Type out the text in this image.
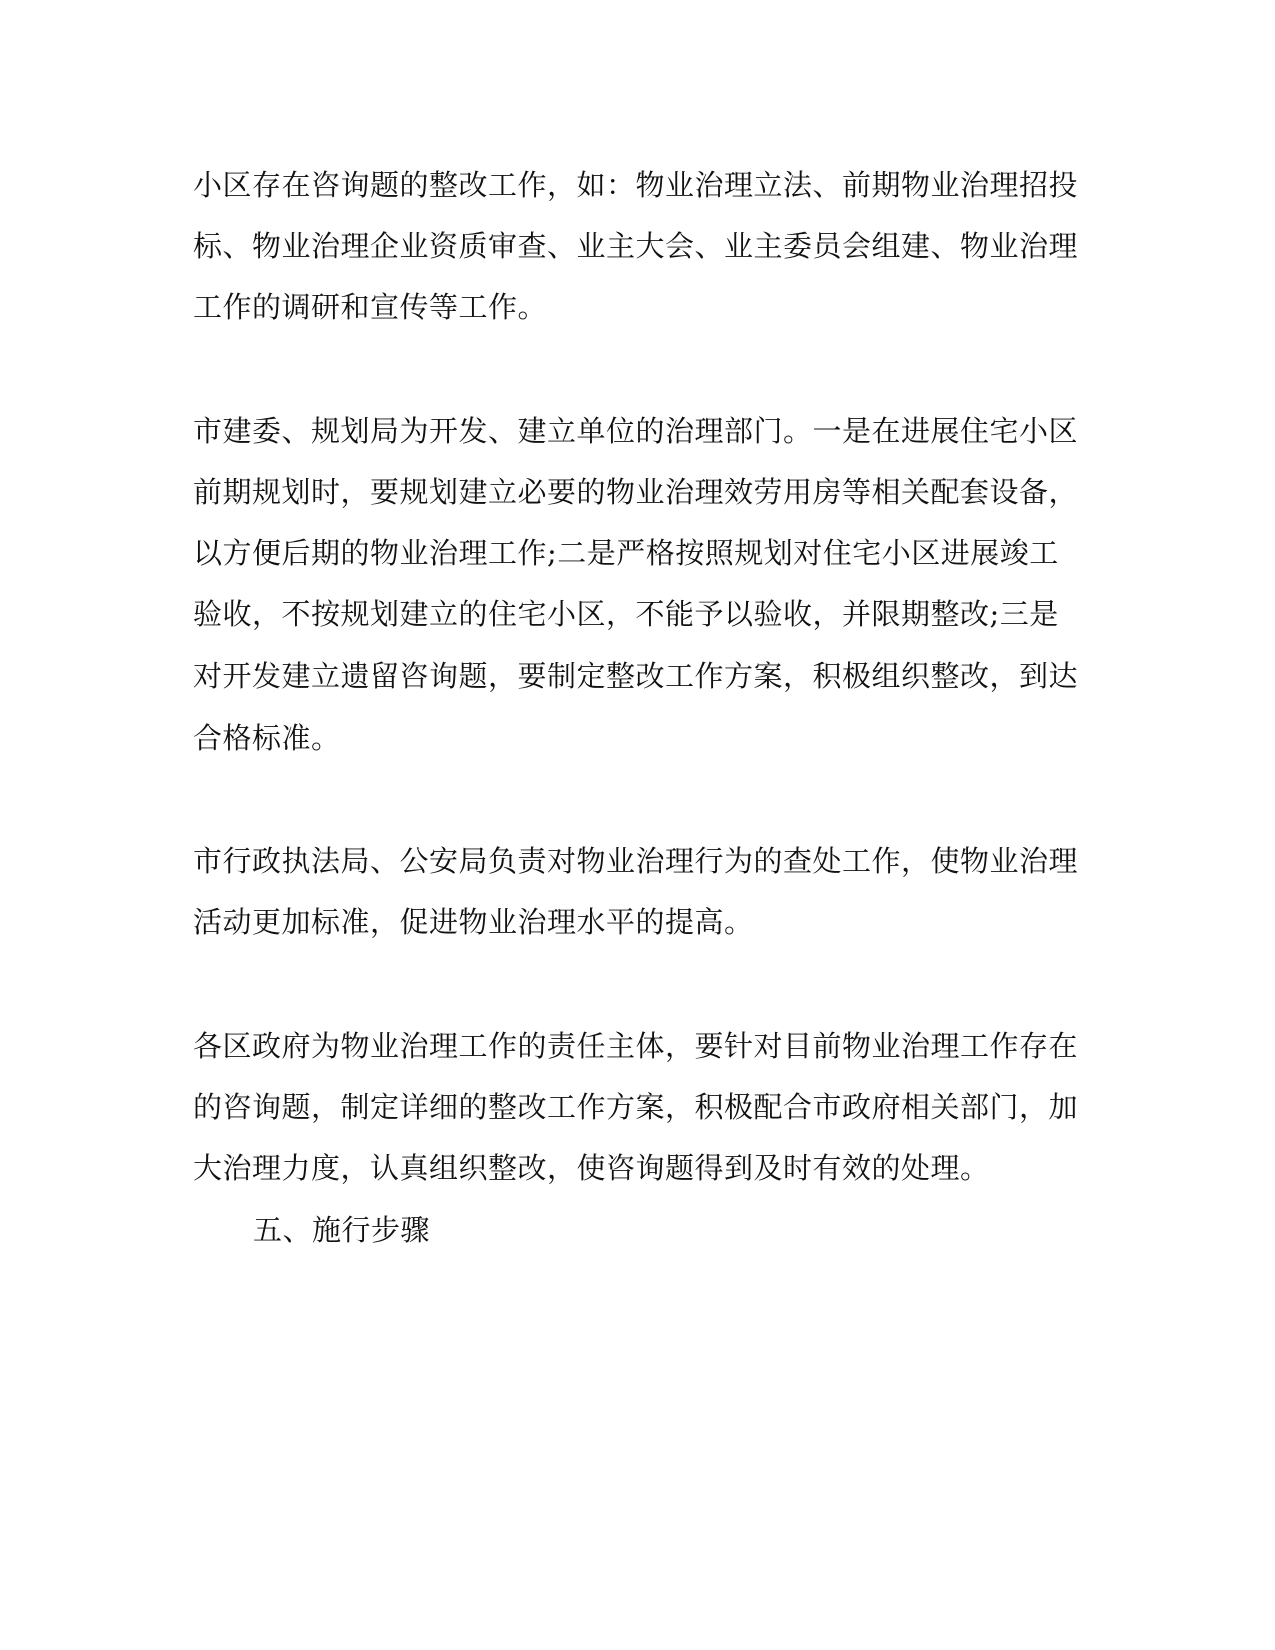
小区存在咨询题的整改工作，如：物业治理立法、前期物业治理招投
标、物业治理企业资质审查、业主大会、业主委员会组建、物业治理
工作的调研和宣传等工作。
市建委、规划局为开发、建立单位的治理部门。一是在进展住宅小区
前期规划时，要规划建立必要的物业治理效劳用房等相关配套设备，
以方便后期的物业治理工作;二是严格按照规划对住宅小区进展竣工
验收，不按规划建立的住宅小区，不能予以验收，并限期整改;三是
对开发建立遗留咨询题，要制定整改工作方案，积极组织整改，到达
合格标准。
市行政执法局、公安局负责对物业治理行为的查处工作，使物业治理
活动更加标准，促进物业治理水平的提高。
各区政府为物业治理工作的责任主体，要针对目前物业治理工作存在
的咨询题，制定详细的整改工作方案，积极配合市政府相关部门，加
大治理力度，认真组织整改，使咨询题得到及时有效的处理。
五、施行步骤
